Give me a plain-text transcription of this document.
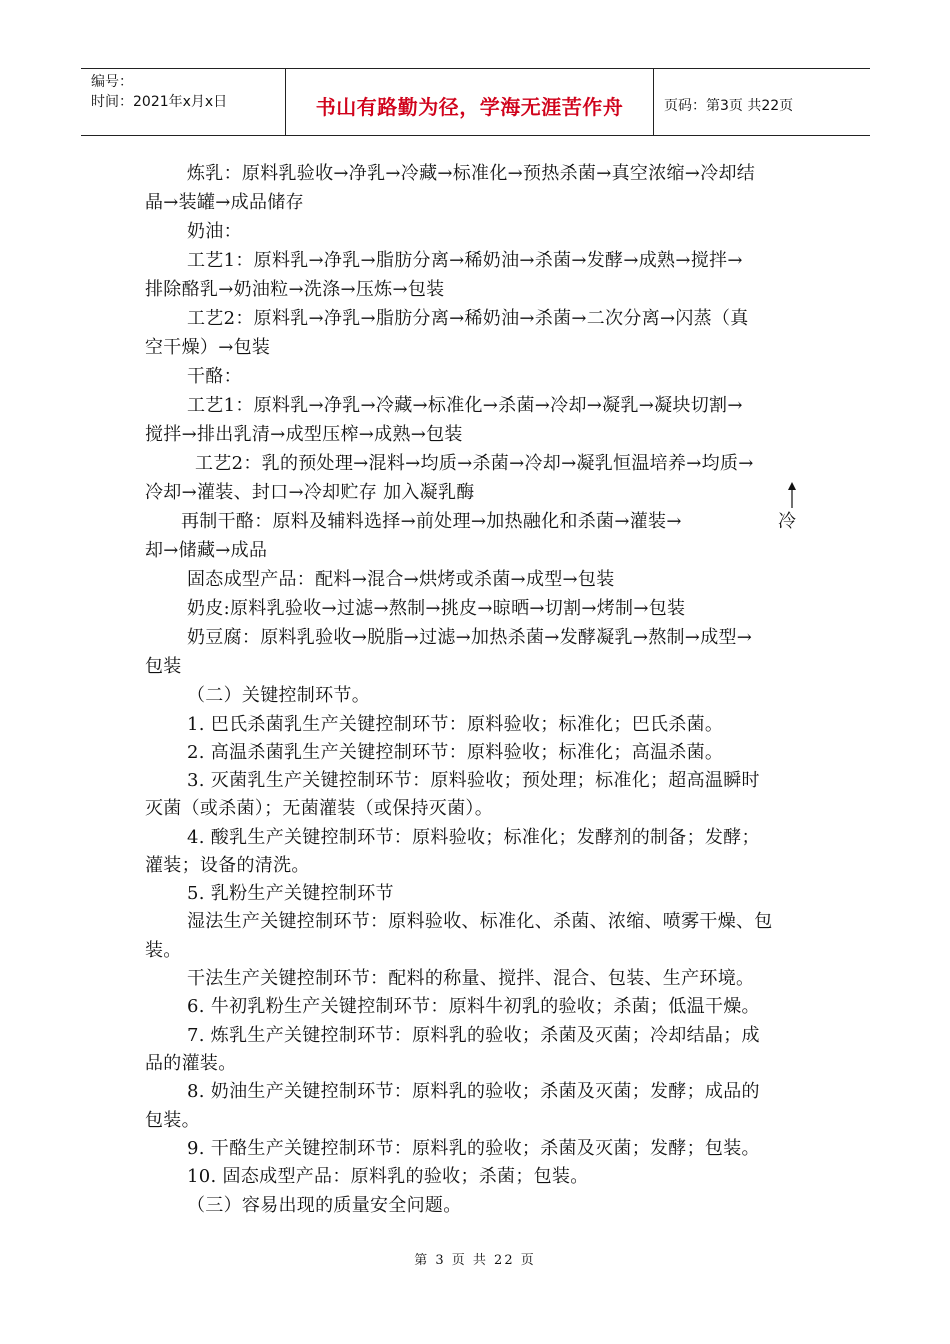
编号：
时间：2021年x月x日	书山有路勤为径，学海无涯苦作舟	页码：第3页 共22页
炼乳：原料乳验收→净乳→冷藏→标准化→预热杀菌→真空浓缩→冷却结
晶→装罐→成品储存
奶油：
工艺1：原料乳→净乳→脂肪分离→稀奶油→杀菌→发酵→成熟→搅拌→
排除酪乳→奶油粒→洗涤→压炼→包装
工艺2：原料乳→净乳→脂肪分离→稀奶油→杀菌→二次分离→闪蒸（真
空干燥）→包装
干酪：
工艺1：原料乳→净乳→冷藏→标准化→杀菌→冷却→凝乳→凝块切割→
搅拌→排出乳清→成型压榨→成熟→包装
工艺2：乳的预处理→混料→均质→杀菌→冷却→凝乳恒温培养→均质→
冷却→灌装、封口→冷却贮存 加入凝乳酶
再制干酪：原料及辅料选择→前处理→加热融化和杀菌→灌装→	冷
却→储藏→成品
固态成型产品：配料→混合→烘烤或杀菌→成型→包装
奶皮:原料乳验收→过滤→熬制→挑皮→晾晒→切割→烤制→包装
奶豆腐：原料乳验收→脱脂→过滤→加热杀菌→发酵凝乳→熬制→成型→
包装
（二）关键控制环节。
1. 巴氏杀菌乳生产关键控制环节：原料验收；标准化；巴氏杀菌。
2. 高温杀菌乳生产关键控制环节：原料验收；标准化；高温杀菌。
3. 灭菌乳生产关键控制环节：原料验收；预处理；标准化；超高温瞬时
灭菌（或杀菌）；无菌灌装（或保持灭菌）。
4. 酸乳生产关键控制环节：原料验收；标准化；发酵剂的制备；发酵；
灌装；设备的清洗。
5. 乳粉生产关键控制环节
湿法生产关键控制环节：原料验收、标准化、杀菌、浓缩、喷雾干燥、包
装。
干法生产关键控制环节：配料的称量、搅拌、混合、包装、生产环境。
6. 牛初乳粉生产关键控制环节：原料牛初乳的验收；杀菌；低温干燥。
7. 炼乳生产关键控制环节：原料乳的验收；杀菌及灭菌；冷却结晶；成
品的灌装。
8. 奶油生产关键控制环节：原料乳的验收；杀菌及灭菌；发酵；成品的
包装。
9. 干酪生产关键控制环节：原料乳的验收；杀菌及灭菌；发酵；包装。
10. 固态成型产品：原料乳的验收；杀菌；包装。
（三）容易出现的质量安全问题。
第 3 页 共 22 页
